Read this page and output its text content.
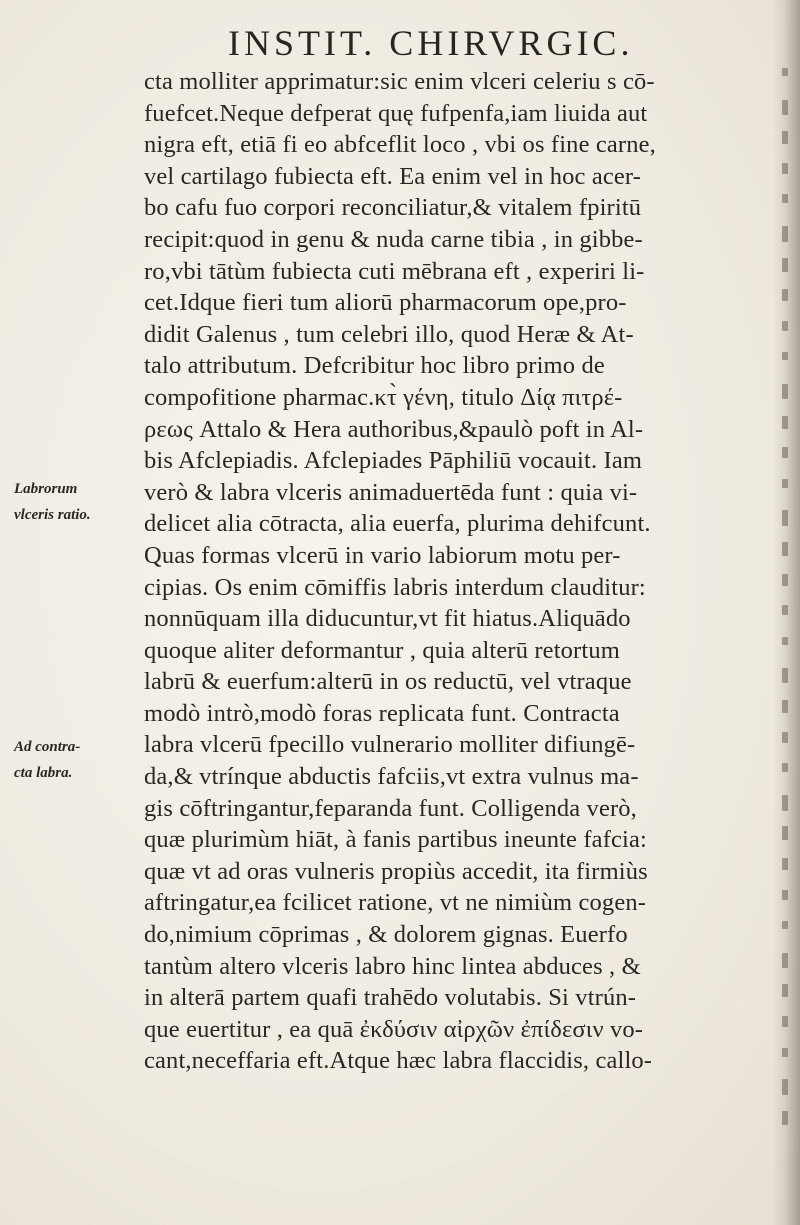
INSTIT. CHIRVRGIC.
Labrorum
vlceris ratio.
Ad contra-
cta labra.
cta molliter apprimatur:sic enim vlceri celeriu s cō-
fuefcet.Neque defperat quę fufpenfa,iam liuida aut
nigra eft, etiā fi eo abfceflit loco , vbi os fine carne,
vel cartilago fubiecta eft. Ea enim vel in hoc acer-
bo cafu fuo corpori reconciliatur,& vitalem fpiritū
recipit:quod in genu & nuda carne tibia , in gibbe-
ro,vbi tātùm fubiecta cuti mēbrana eft , experiri li-
cet.Idque fieri tum aliorū pharmacorum ope,pro-
didit Galenus , tum celebri illo, quod Heræ & At-
talo attributum. Defcribitur hoc libro primo de
compofitione pharmac.κτ̀ γένη, titulo Δίᾳ πιτρέ-
ρεως Attalo & Hera authoribus,&paulò poft in Al-
bis Afclepiadis. Afclepiades Pāphiliū vocauit. Iam
verò & labra vlceris animaduertēda funt : quia vi-
delicet alia cōtracta, alia euerfa, plurima dehifcunt.
Quas formas vlcerū in vario labiorum motu per-
cipias. Os enim cōmiffis labris interdum clauditur:
nonnūquam illa diducuntur,vt fit hiatus.Aliquādo
quoque aliter deformantur , quia alterū retortum
labrū & euerfum:alterū in os reductū, vel vtraque
modò intrò,modò foras replicata funt. Contracta
labra vlcerū fpecillo vulnerario molliter difiungē-
da,& vtrínque abductis fafciis,vt extra vulnus ma-
gis cōftringantur,feparanda funt. Colligenda verò,
quæ plurimùm hiāt, à fanis partibus ineunte fafcia:
quæ vt ad oras vulneris propiùs accedit, ita firmiùs
aftringatur,ea fcilicet ratione, vt ne nimiùm cogen-
do,nimium cōprimas , & dolorem gignas. Euerfo
tantùm altero vlceris labro hinc lintea abduces , &
in alterā partem quafi trahēdo volutabis. Si vtrún-
que euertitur , ea quā ἐκδύσιν αἰρχῶν ἐπίδεσιν vo-
cant,neceffaria eft.Atque hæc labra flaccidis, callo-
